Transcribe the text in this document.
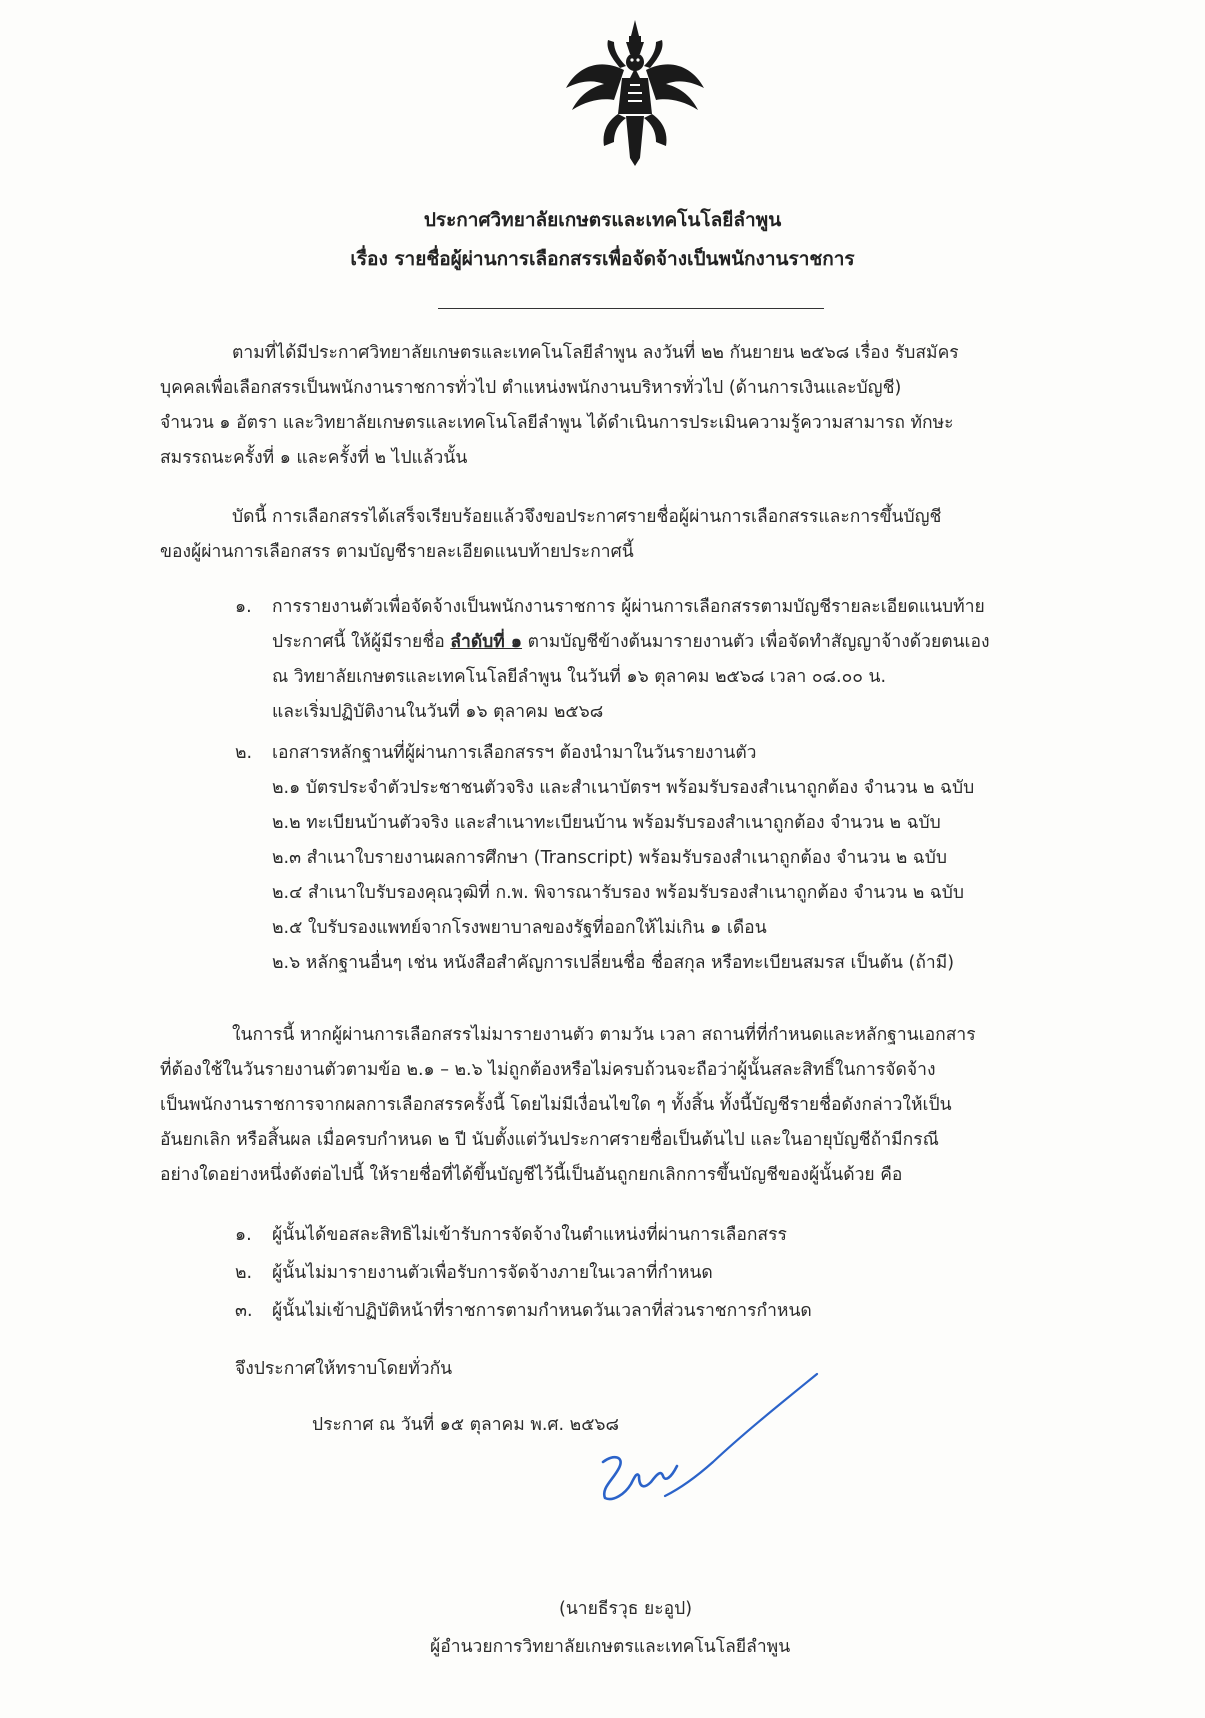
ประกาศวิทยาลัยเกษตรและเทคโนโลยีลำพูน
เรื่อง รายชื่อผู้ผ่านการเลือกสรรเพื่อจัดจ้างเป็นพนักงานราชการ
ตามที่ได้มีประกาศวิทยาลัยเกษตรและเทคโนโลยีลำพูน ลงวันที่ ๒๒ กันยายน ๒๕๖๘ เรื่อง รับสมัคร
บุคคลเพื่อเลือกสรรเป็นพนักงานราชการทั่วไป ตำแหน่งพนักงานบริหารทั่วไป (ด้านการเงินและบัญชี)
จำนวน ๑ อัตรา และวิทยาลัยเกษตรและเทคโนโลยีลำพูน ได้ดำเนินการประเมินความรู้ความสามารถ ทักษะ
สมรรถนะครั้งที่ ๑ และครั้งที่ ๒ ไปแล้วนั้น
บัดนี้ การเลือกสรรได้เสร็จเรียบร้อยแล้วจึงขอประกาศรายชื่อผู้ผ่านการเลือกสรรและการขึ้นบัญชี
ของผู้ผ่านการเลือกสรร ตามบัญชีรายละเอียดแนบท้ายประกาศนี้
๑. การรายงานตัวเพื่อจัดจ้างเป็นพนักงานราชการ ผู้ผ่านการเลือกสรรตามบัญชีรายละเอียดแนบท้าย
ประกาศนี้ ให้ผู้มีรายชื่อ ลำดับที่ ๑ ตามบัญชีข้างต้นมารายงานตัว เพื่อจัดทำสัญญาจ้างด้วยตนเอง
ณ วิทยาลัยเกษตรและเทคโนโลยีลำพูน ในวันที่ ๑๖ ตุลาคม ๒๕๖๘ เวลา ๐๘.๐๐ น.
และเริ่มปฏิบัติงานในวันที่ ๑๖ ตุลาคม ๒๕๖๘
๒. เอกสารหลักฐานที่ผู้ผ่านการเลือกสรรฯ ต้องนำมาในวันรายงานตัว
๒.๑ บัตรประจำตัวประชาชนตัวจริง และสำเนาบัตรฯ พร้อมรับรองสำเนาถูกต้อง จำนวน ๒ ฉบับ
๒.๒ ทะเบียนบ้านตัวจริง และสำเนาทะเบียนบ้าน พร้อมรับรองสำเนาถูกต้อง จำนวน ๒ ฉบับ
๒.๓ สำเนาใบรายงานผลการศึกษา (Transcript) พร้อมรับรองสำเนาถูกต้อง จำนวน ๒ ฉบับ
๒.๔ สำเนาใบรับรองคุณวุฒิที่ ก.พ. พิจารณารับรอง พร้อมรับรองสำเนาถูกต้อง จำนวน ๒ ฉบับ
๒.๕ ใบรับรองแพทย์จากโรงพยาบาลของรัฐที่ออกให้ไม่เกิน ๑ เดือน
๒.๖ หลักฐานอื่นๆ เช่น หนังสือสำคัญการเปลี่ยนชื่อ ชื่อสกุล หรือทะเบียนสมรส เป็นต้น (ถ้ามี)
ในการนี้ หากผู้ผ่านการเลือกสรรไม่มารายงานตัว ตามวัน เวลา สถานที่ที่กำหนดและหลักฐานเอกสาร
ที่ต้องใช้ในวันรายงานตัวตามข้อ ๒.๑ – ๒.๖ ไม่ถูกต้องหรือไม่ครบถ้วนจะถือว่าผู้นั้นสละสิทธิ์ในการจัดจ้าง
เป็นพนักงานราชการจากผลการเลือกสรรครั้งนี้ โดยไม่มีเงื่อนไขใด ๆ ทั้งสิ้น ทั้งนี้บัญชีรายชื่อดังกล่าวให้เป็น
อันยกเลิก หรือสิ้นผล เมื่อครบกำหนด ๒ ปี นับตั้งแต่วันประกาศรายชื่อเป็นต้นไป และในอายุบัญชีถ้ามีกรณี
อย่างใดอย่างหนึ่งดังต่อไปนี้ ให้รายชื่อที่ได้ขึ้นบัญชีไว้นี้เป็นอันถูกยกเลิกการขึ้นบัญชีของผู้นั้นด้วย คือ
๑. ผู้นั้นได้ขอสละสิทธิไม่เข้ารับการจัดจ้างในตำแหน่งที่ผ่านการเลือกสรร
๒. ผู้นั้นไม่มารายงานตัวเพื่อรับการจัดจ้างภายในเวลาที่กำหนด
๓. ผู้นั้นไม่เข้าปฏิบัติหน้าที่ราชการตามกำหนดวันเวลาที่ส่วนราชการกำหนด
จึงประกาศให้ทราบโดยทั่วกัน
ประกาศ ณ วันที่ ๑๕ ตุลาคม พ.ศ. ๒๕๖๘
(นายธีรวุธ ยะอูป)
ผู้อำนวยการวิทยาลัยเกษตรและเทคโนโลยีลำพูน
